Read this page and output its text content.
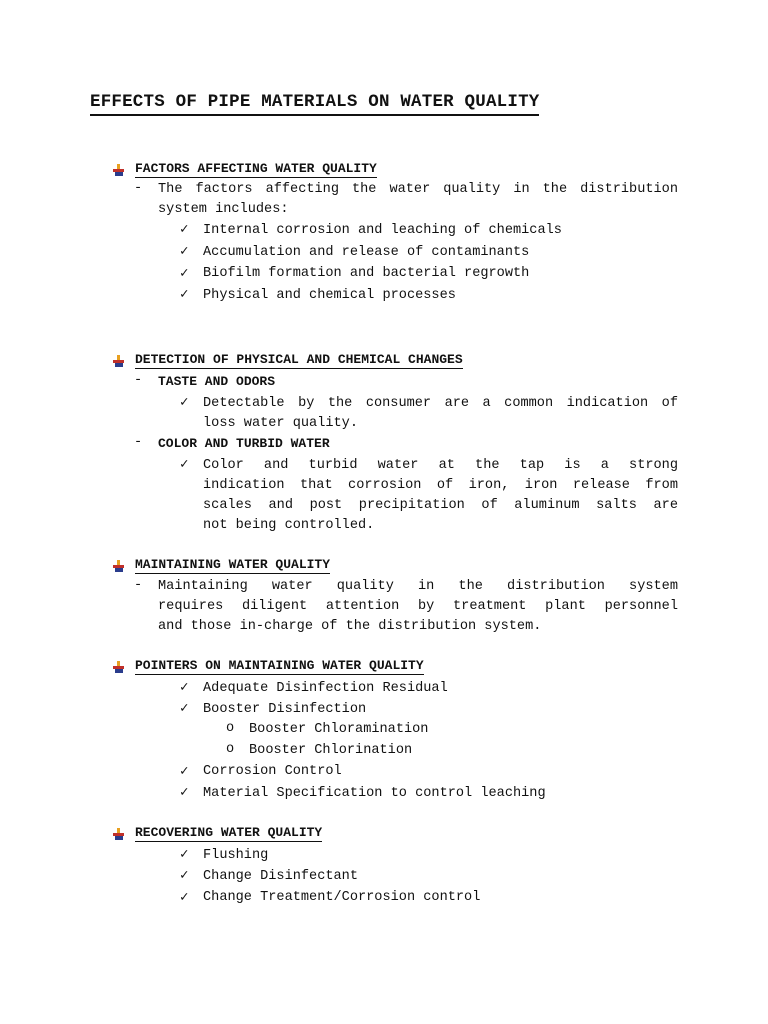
EFFECTS OF PIPE MATERIALS ON WATER QUALITY
FACTORS AFFECTING WATER QUALITY
- The factors affecting the water quality in the distribution
system includes:
✓ Internal corrosion and leaching of chemicals
✓ Accumulation and release of contaminants
✓ Biofilm formation and bacterial regrowth
✓ Physical and chemical processes
DETECTION OF PHYSICAL AND CHEMICAL CHANGES
- TASTE AND ODORS
✓ Detectable by the consumer are a common indication of
loss water quality.
- COLOR AND TURBID WATER
✓ Color and turbid water at the tap is a strong
indication that corrosion of iron, iron release from
scales and post precipitation of aluminum salts are
not being controlled.
MAINTAINING WATER QUALITY
- Maintaining water quality in the distribution system
requires diligent attention by treatment plant personnel
and those in-charge of the distribution system.
POINTERS ON MAINTAINING WATER QUALITY
✓ Adequate Disinfection Residual
✓ Booster Disinfection
o Booster Chloramination
o Booster Chlorination
✓ Corrosion Control
✓ Material Specification to control leaching
RECOVERING WATER QUALITY
✓ Flushing
✓ Change Disinfectant
✓ Change Treatment/Corrosion control
